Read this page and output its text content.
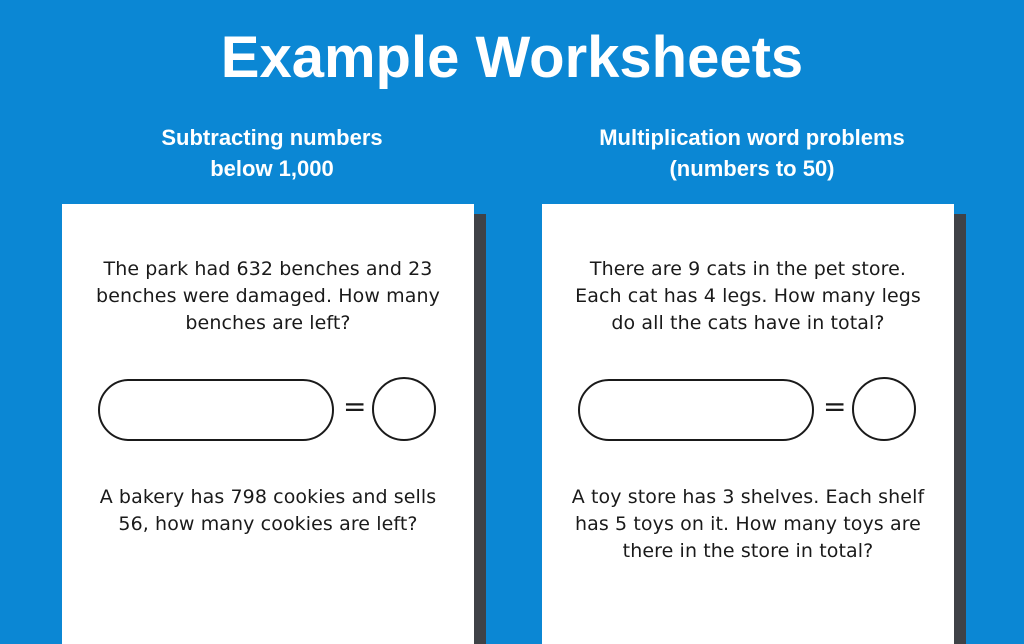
Example Worksheets
Subtracting numbers
below 1,000
The park had 632 benches and 23 benches were damaged. How many benches are left?
=
A bakery has 798 cookies and sells 56, how many cookies are left?
Multiplication word problems
(numbers to 50)
There are 9 cats in the pet store. Each cat has 4 legs. How many legs do all the cats have in total?
=
A toy store has 3 shelves. Each shelf has 5 toys on it. How many toys are there in the store in total?
